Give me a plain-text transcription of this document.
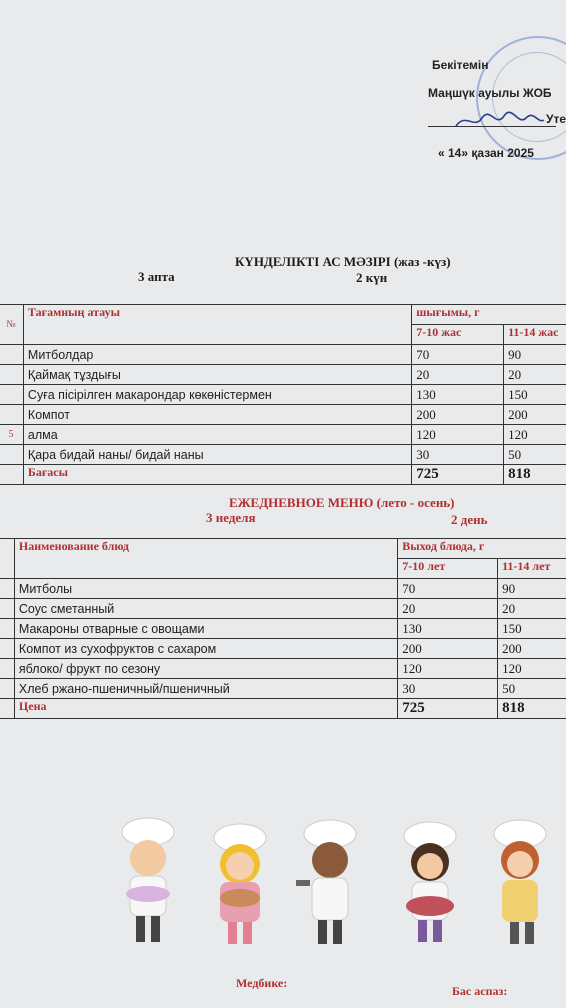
Бекітемін
Маңшүк ауылы ЖОБ
Уте
« 14» қазан 2025
КҮНДЕЛІКТІ АС МӘЗІРІ (жаз -күз)
3 апта	2 күн
№	Тағамның атауы	шығымы, г	
		7-10 жас	11-14 жас
	Митболдар	70	90
	Қаймақ тұздығы	20	20
	Суға пісірілген макарондар көкөністермен	130	150
	Компот	200	200
5	алма	120	120
	Қара бидай наны/ бидай наны	30	50
	Бағасы	725	818
ЕЖЕДНЕВНОЕ МЕНЮ (лето - осень)
3 неделя	2 день
	Наименование блюд	Выход блюда, г	
		7-10 лет	11-14 лет
	Митболы	70	90
	Соус сметанный	20	20
	Макароны отварные с овощами	130	150
	Компот из сухофруктов с сахаром	200	200
	яблоко/ фрукт по сезону	120	120
	Хлеб ржано-пшеничный/пшеничный	30	50
	Цена	725	818
Медбике:
Бас аспаз:
